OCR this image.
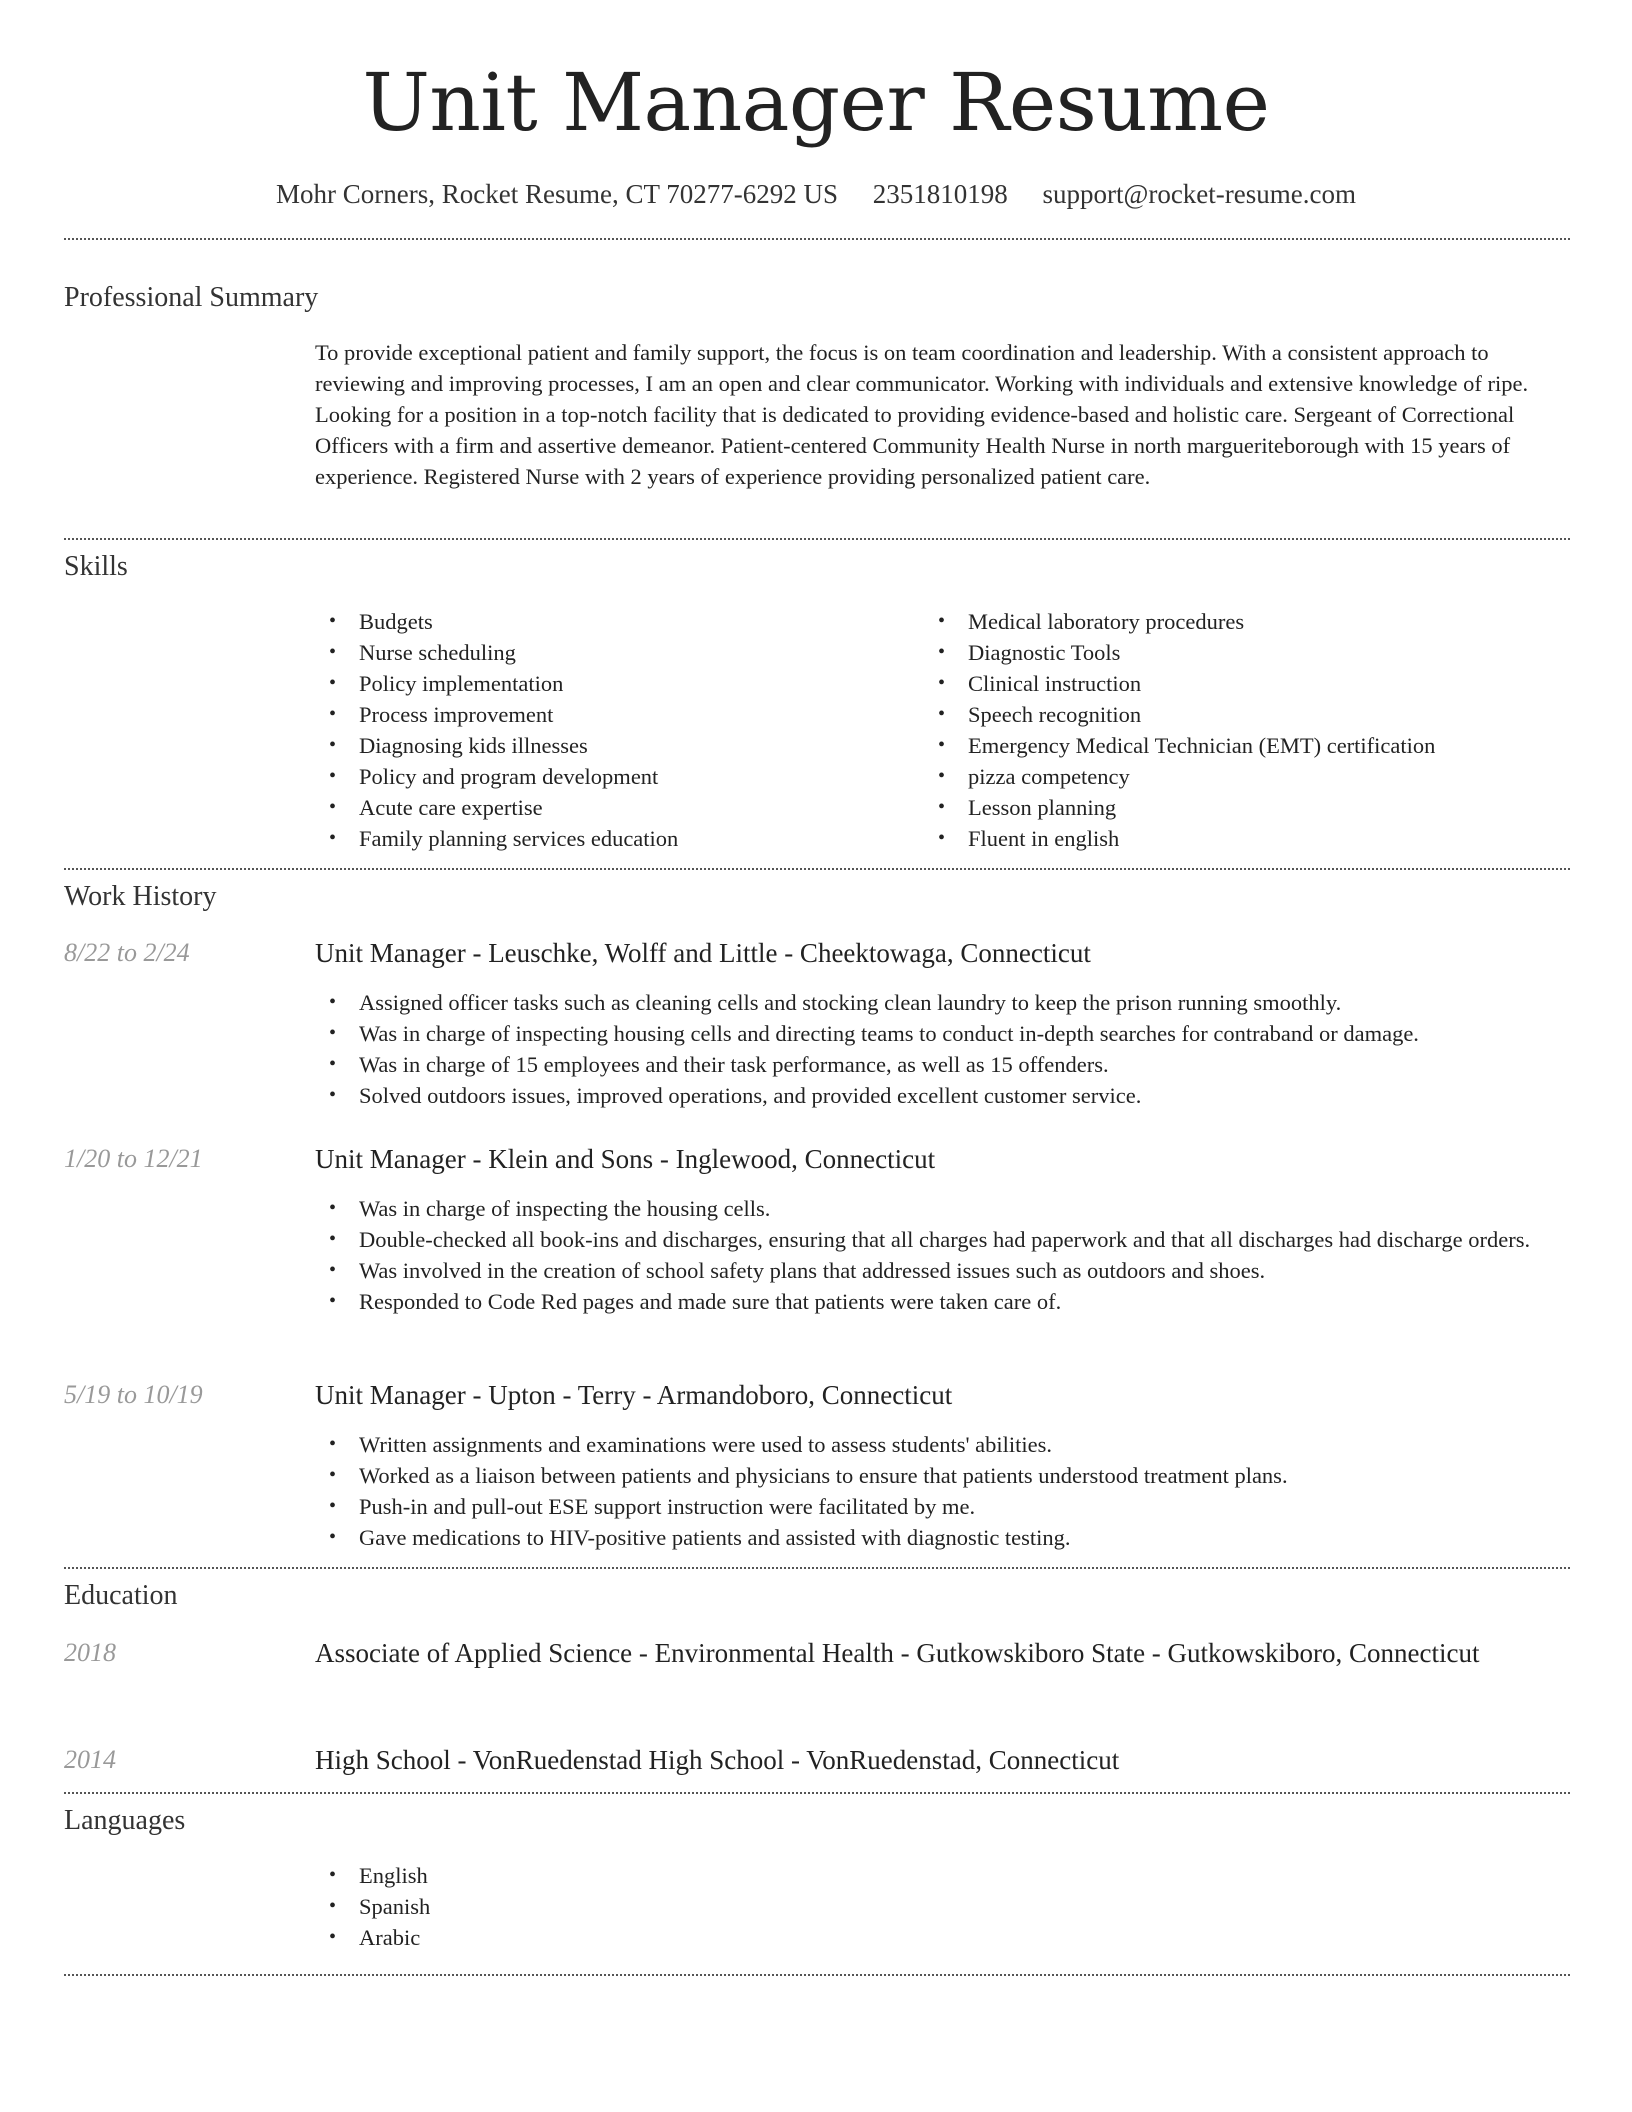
Unit Manager Resume
Mohr Corners, Rocket Resume, CT 70277-6292 US 2351810198 support@rocket-resume.com
Professional Summary
To provide exceptional patient and family support, the focus is on team coordination and leadership. With a consistent approach to reviewing and improving processes, I am an open and clear communicator. Working with individuals and extensive knowledge of ripe. Looking for a position in a top-notch facility that is dedicated to providing evidence-based and holistic care. Sergeant of Correctional Officers with a firm and assertive demeanor. Patient-centered Community Health Nurse in north margueriteborough with 15 years of experience. Registered Nurse with 2 years of experience providing personalized patient care.
Skills
• Budgets
• Nurse scheduling
• Policy implementation
• Process improvement
• Diagnosing kids illnesses
• Policy and program development
• Acute care expertise
• Family planning services education
• Medical laboratory procedures
• Diagnostic Tools
• Clinical instruction
• Speech recognition
• Emergency Medical Technician (EMT) certification
• pizza competency
• Lesson planning
• Fluent in english
Work History
8/22 to 2/24	Unit Manager - Leuschke, Wolff and Little - Cheektowaga, Connecticut
• Assigned officer tasks such as cleaning cells and stocking clean laundry to keep the prison running smoothly.
• Was in charge of inspecting housing cells and directing teams to conduct in-depth searches for contraband or damage.
• Was in charge of 15 employees and their task performance, as well as 15 offenders.
• Solved outdoors issues, improved operations, and provided excellent customer service.
1/20 to 12/21	Unit Manager - Klein and Sons - Inglewood, Connecticut
• Was in charge of inspecting the housing cells.
• Double-checked all book-ins and discharges, ensuring that all charges had paperwork and that all discharges had discharge orders.
• Was involved in the creation of school safety plans that addressed issues such as outdoors and shoes.
• Responded to Code Red pages and made sure that patients were taken care of.
5/19 to 10/19	Unit Manager - Upton - Terry - Armandoboro, Connecticut
• Written assignments and examinations were used to assess students' abilities.
• Worked as a liaison between patients and physicians to ensure that patients understood treatment plans.
• Push-in and pull-out ESE support instruction were facilitated by me.
• Gave medications to HIV-positive patients and assisted with diagnostic testing.
Education
2018	Associate of Applied Science - Environmental Health - Gutkowskiboro State - Gutkowskiboro, Connecticut
2014	High School - VonRuedenstad High School - VonRuedenstad, Connecticut
Languages
• English
• Spanish
• Arabic
